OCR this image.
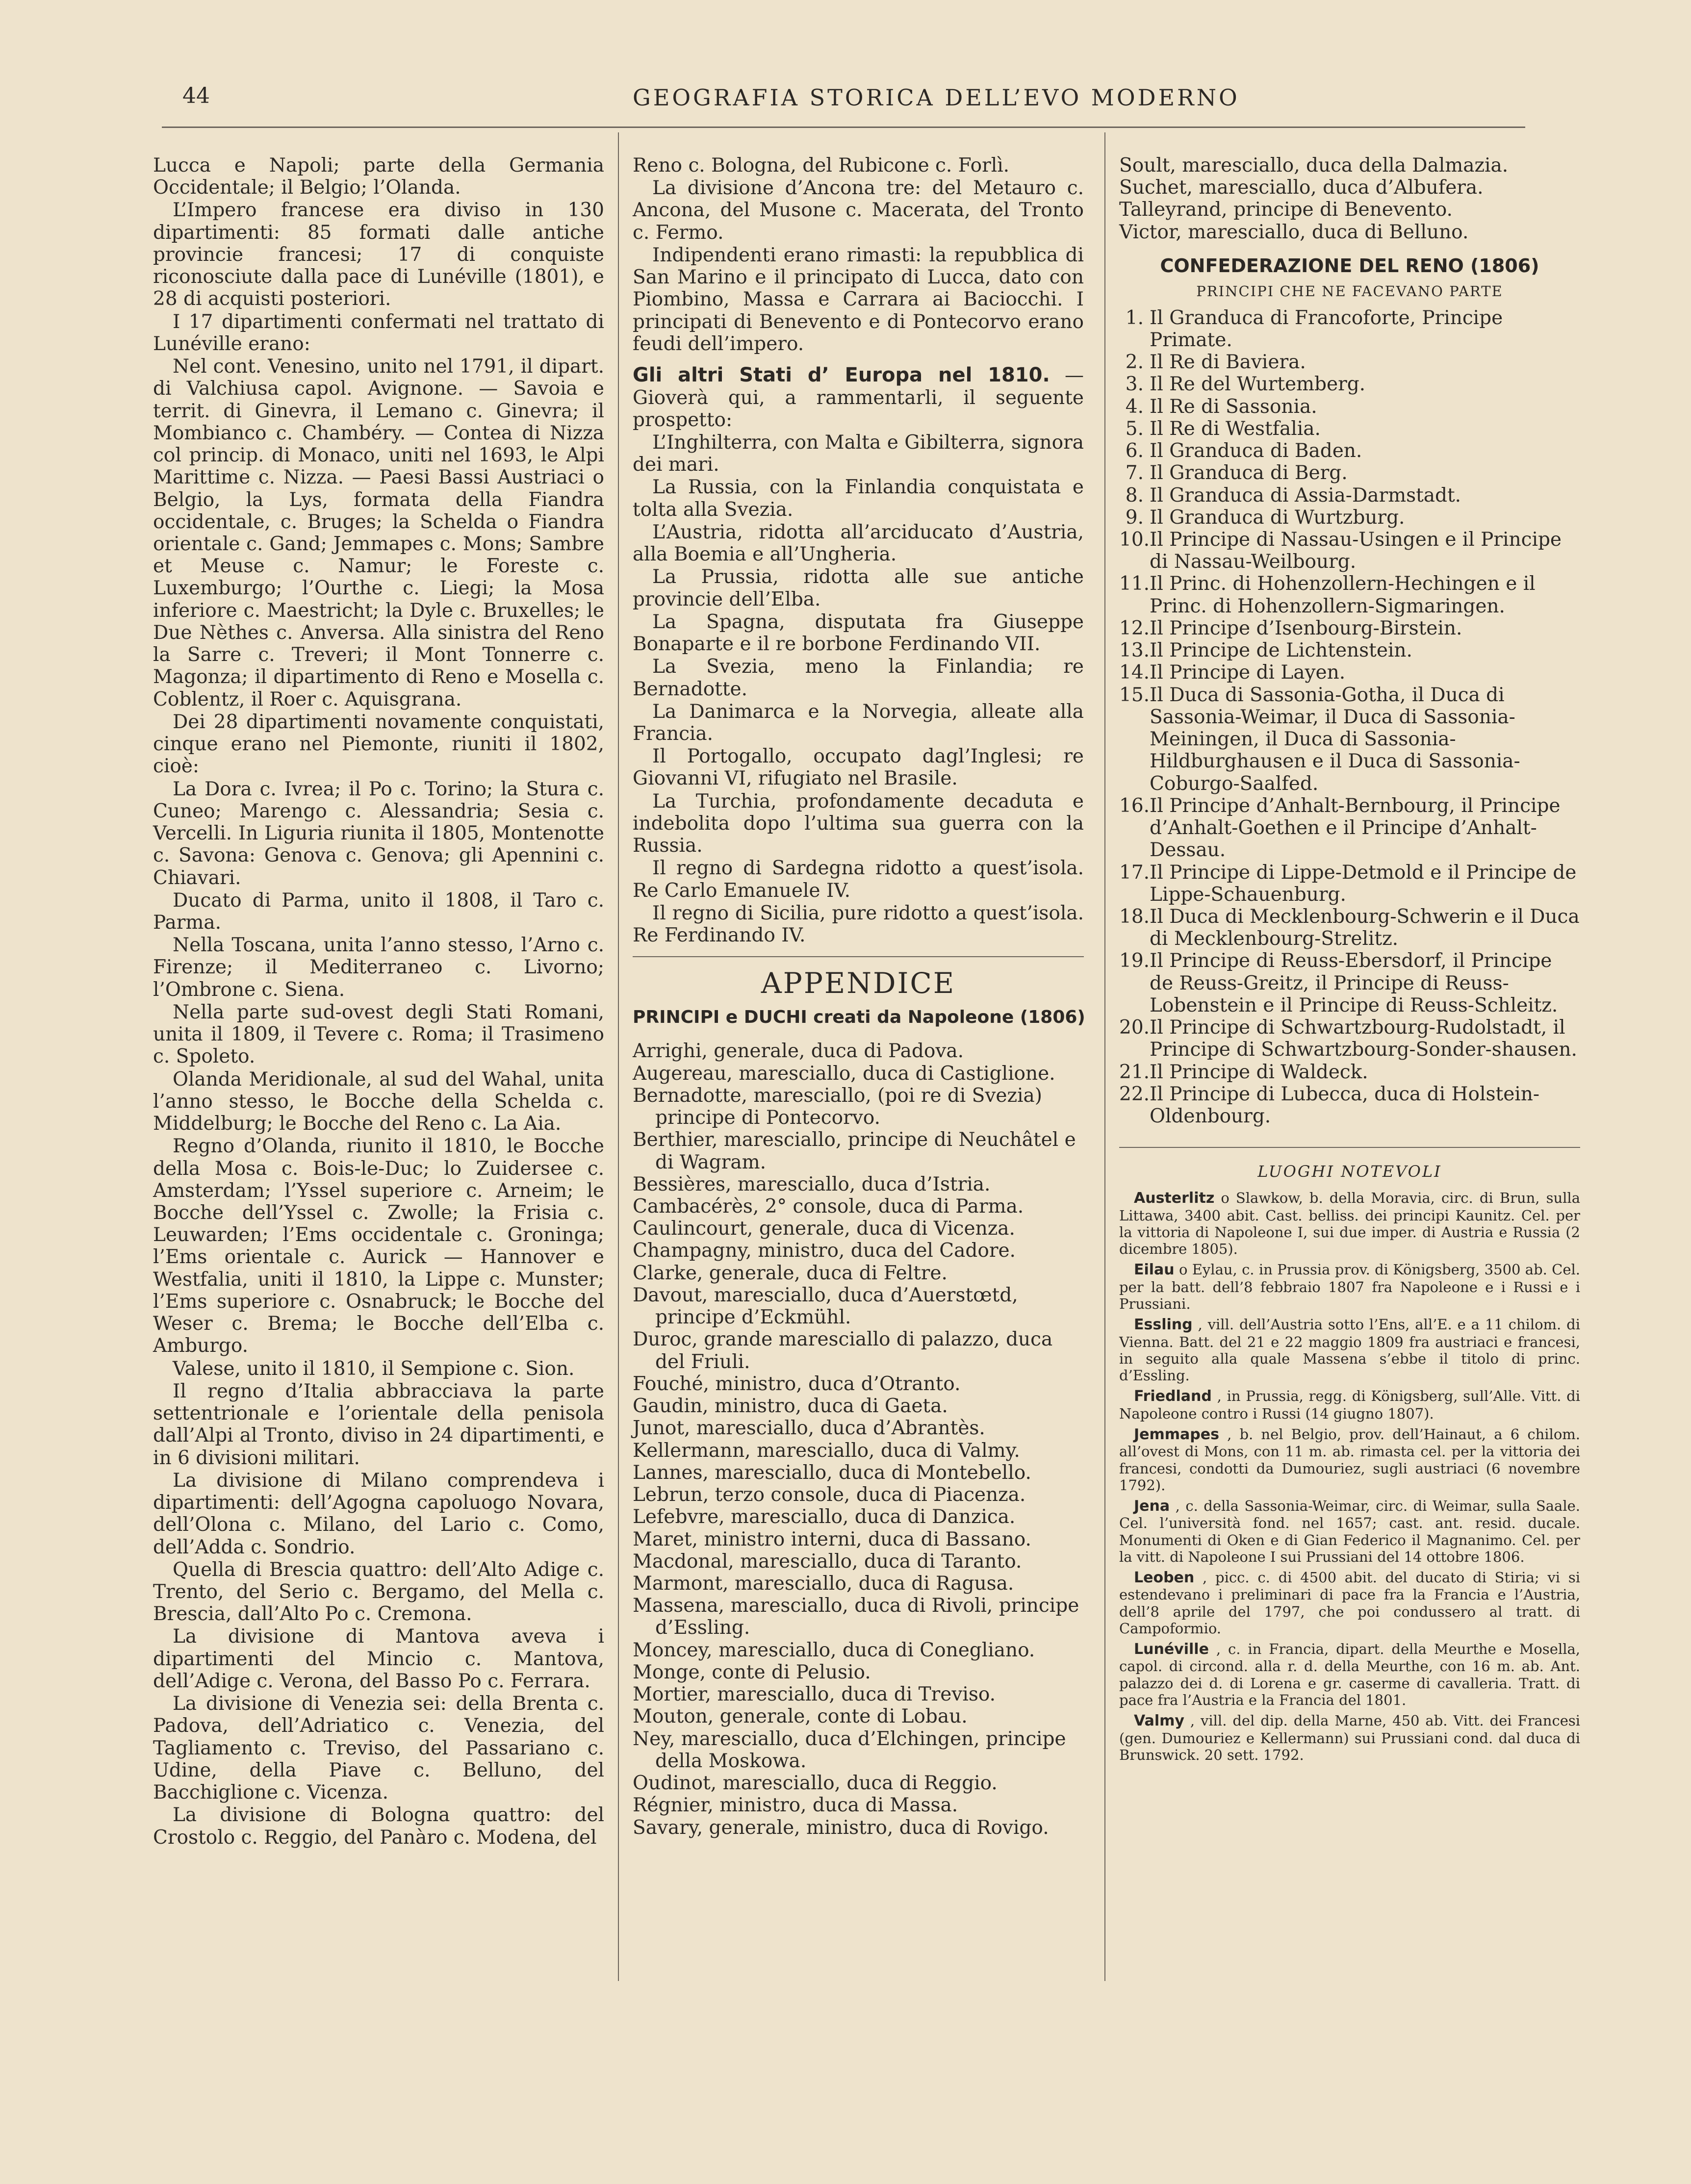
44	GEOGRAFIA STORICA DELL’EVO MODERNO

Lucca e Napoli; parte della Germania Occidentale; il Belgio; l’Olanda.

L’Impero francese era diviso in 130 dipartimenti: 85 formati dalle antiche provincie francesi; 17 di conquiste riconosciute dalla pace di Lunéville (1801), e 28 di acquisti posteriori.

I 17 dipartimenti confermati nel trattato di Lunéville erano:

Nel cont. Venesino, unito nel 1791, il dipart. di Valchiusa capol. Avignone. — Savoia e territ. di Ginevra, il Lemano c. Ginevra; il Mombianco c. Chambéry. — Contea di Nizza col princip. di Monaco, uniti nel 1693, le Alpi Marittime c. Nizza. — Paesi Bassi Austriaci o Belgio, la Lys, formata della Fiandra occidentale, c. Bruges; la Schelda o Fiandra orientale c. Gand; Jemmapes c. Mons; Sambre et Meuse c. Namur; le Foreste c. Luxemburgo; l’Ourthe c. Liegi; la Mosa inferiore c. Maestricht; la Dyle c. Bruxelles; le Due Nèthes c. Anversa. Alla sinistra del Reno la Sarre c. Treveri; il Mont Tonnerre c. Magonza; il dipartimento di Reno e Mosella c. Coblentz, il Roer c. Aquisgrana.

Dei 28 dipartimenti novamente conquistati, cinque erano nel Piemonte, riuniti il 1802, cioè:

La Dora c. Ivrea; il Po c. Torino; la Stura c. Cuneo; Marengo c. Alessandria; Sesia c. Vercelli. In Liguria riunita il 1805, Montenotte c. Savona: Genova c. Genova; gli Apennini c. Chiavari.

Ducato di Parma, unito il 1808, il Taro c. Parma.

Nella Toscana, unita l’anno stesso, l’Arno c. Firenze; il Mediterraneo c. Livorno; l’Ombrone c. Siena.

Nella parte sud-ovest degli Stati Romani, unita il 1809, il Tevere c. Roma; il Trasimeno c. Spoleto.

Olanda Meridionale, al sud del Wahal, unita l’anno stesso, le Bocche della Schelda c. Middelburg; le Bocche del Reno c. La Aia.

Regno d’Olanda, riunito il 1810, le Bocche della Mosa c. Bois-le-Duc; lo Zuidersee c. Amsterdam; l’Yssel superiore c. Arneim; le Bocche dell’Yssel c. Zwolle; la Frisia c. Leuwarden; l’Ems occidentale c. Groninga; l’Ems orientale c. Aurick — Hannover e Westfalia, uniti il 1810, la Lippe c. Munster; l’Ems superiore c. Osnabruck; le Bocche del Weser c. Brema; le Bocche dell’Elba c. Amburgo.

Valese, unito il 1810, il Sempione c. Sion.

Il regno d’Italia abbracciava la parte settentrionale e l’orientale della penisola dall’Alpi al Tronto, diviso in 24 dipartimenti, e in 6 divisioni militari.

La divisione di Milano comprendeva i dipartimenti: dell’Agogna capoluogo Novara, dell’Olona c. Milano, del Lario c. Como, dell’Adda c. Sondrio.

Quella di Brescia quattro: dell’Alto Adige c. Trento, del Serio c. Bergamo, del Mella c. Brescia, dall’Alto Po c. Cremona.

La divisione di Mantova aveva i dipartimenti del Mincio c. Mantova, dell’Adige c. Verona, del Basso Po c. Ferrara.

La divisione di Venezia sei: della Brenta c. Padova, dell’Adriatico c. Venezia, del Tagliamento c. Treviso, del Passariano c. Udine, della Piave c. Belluno, del Bacchiglione c. Vicenza.

La divisione di Bologna quattro: del Crostolo c. Reggio, del Panàro c. Modena, del

Reno c. Bologna, del Rubicone c. Forlì.

La divisione d’Ancona tre: del Metauro c. Ancona, del Musone c. Macerata, del Tronto c. Fermo.

Indipendenti erano rimasti: la repubblica di San Marino e il principato di Lucca, dato con Piombino, Massa e Carrara ai Baciocchi. I principati di Benevento e di Pontecorvo erano feudi dell’impero.

Gli altri Stati d’ Europa nel 1810. — Gioverà qui, a rammentarli, il seguente prospetto:

L’Inghilterra, con Malta e Gibilterra, signora dei mari.

La Russia, con la Finlandia conquistata e tolta alla Svezia.

L’Austria, ridotta all’arciducato d’Austria, alla Boemia e all’Ungheria.

La Prussia, ridotta alle sue antiche provincie dell’Elba.

La Spagna, disputata fra Giuseppe Bonaparte e il re borbone Ferdinando VII.

La Svezia, meno la Finlandia; re Bernadotte.

La Danimarca e la Norvegia, alleate alla Francia.

Il Portogallo, occupato dagl’Inglesi; re Giovanni VI, rifugiato nel Brasile.

La Turchia, profondamente decaduta e indebolita dopo l’ultima sua guerra con la Russia.

Il regno di Sardegna ridotto a quest’isola. Re Carlo Emanuele IV.

Il regno di Sicilia, pure ridotto a quest’isola. Re Ferdinando IV.

APPENDICE
PRINCIPI e DUCHI creati da Napoleone (1806)
Arrighi, generale, duca di Padova.
Augereau, maresciallo, duca di Castiglione.
Bernadotte, maresciallo, (poi re di Svezia) principe di Pontecorvo.
Berthier, maresciallo, principe di Neuchâtel e di Wagram.
Bessières, maresciallo, duca d’Istria.
Cambacérès, 2° console, duca di Parma.
Caulincourt, generale, duca di Vicenza.
Champagny, ministro, duca del Cadore.
Clarke, generale, duca di Feltre.
Davout, maresciallo, duca d’Auerstœtd, principe d’Eckmühl.
Duroc, grande maresciallo di palazzo, duca del Friuli.
Fouché, ministro, duca d’Otranto.
Gaudin, ministro, duca di Gaeta.
Junot, maresciallo, duca d’Abrantès.
Kellermann, maresciallo, duca di Valmy.
Lannes, maresciallo, duca di Montebello.
Lebrun, terzo console, duca di Piacenza.
Lefebvre, maresciallo, duca di Danzica.
Maret, ministro interni, duca di Bassano.
Macdonal, maresciallo, duca di Taranto.
Marmont, maresciallo, duca di Ragusa.
Massena, maresciallo, duca di Rivoli, principe d’Essling.
Moncey, maresciallo, duca di Conegliano.
Monge, conte di Pelusio.
Mortier, maresciallo, duca di Treviso.
Mouton, generale, conte di Lobau.
Ney, maresciallo, duca d’Elchingen, principe della Moskowa.
Oudinot, maresciallo, duca di Reggio.
Régnier, ministro, duca di Massa.
Savary, generale, ministro, duca di Rovigo.
Soult, maresciallo, duca della Dalmazia.
Suchet, maresciallo, duca d’Albufera.
Talleyrand, principe di Benevento.
Victor, maresciallo, duca di Belluno.
CONFEDERAZIONE DEL RENO (1806)
PRINCIPI CHE NE FACEVANO PARTE
1. Il Granduca di Francoforte, Principe Primate.
2. Il Re di Baviera.
3. Il Re del Wurtemberg.
4. Il Re di Sassonia.
5. Il Re di Westfalia.
6. Il Granduca di Baden.
7. Il Granduca di Berg.
8. Il Granduca di Assia-Darmstadt.
9. Il Granduca di Wurtzburg.
10. Il Principe di Nassau-Usingen e il Principe di Nassau-Weilbourg.
11. Il Princ. di Hohenzollern-Hechingen e il Princ. di Hohenzollern-Sigmaringen.
12. Il Principe d’Isenbourg-Birstein.
13. Il Principe de Lichtenstein.
14. Il Principe di Layen.
15. Il Duca di Sassonia-Gotha, il Duca di Sassonia-Weimar, il Duca di Sassonia-Meiningen, il Duca di Sassonia-Hildburghausen e il Duca di Sassonia-Coburgo-Saalfed.
16. Il Principe d’Anhalt-Bernbourg, il Principe d’Anhalt-Goethen e il Principe d’Anhalt-Dessau.
17. Il Principe di Lippe-Detmold e il Principe de Lippe-Schauenburg.
18. Il Duca di Mecklenbourg-Schwerin e il Duca di Mecklenbourg-Strelitz.
19. Il Principe di Reuss-Ebersdorf, il Principe de Reuss-Greitz, il Principe di Reuss-Lobenstein e il Principe di Reuss-Schleitz.
20. Il Principe di Schwartzbourg-Rudolstadt, il Principe di Schwartzbourg-Sonder-shausen.
21. Il Principe di Waldeck.
22. Il Principe di Lubecca, duca di Holstein-Oldenbourg.
LUOGHI NOTEVOLI

Austerlitz o Slawkow, b. della Moravia, circ. di Brun, sulla Littawa, 3400 abit. Cast. belliss. dei principi Kaunitz. Cel. per la vittoria di Napoleone I, sui due imper. di Austria e Russia (2 dicembre 1805).

Eilau o Eylau, c. in Prussia prov. di Königsberg, 3500 ab. Cel. per la batt. dell’8 febbraio 1807 fra Napoleone e i Russi e i Prussiani.

Essling , vill. dell’Austria sotto l’Ens, all’E. e a 11 chilom. di Vienna. Batt. del 21 e 22 maggio 1809 fra austriaci e francesi, in seguito alla quale Massena s’ebbe il titolo di princ. d’Essling.

Friedland , in Prussia, regg. di Königsberg, sull’Alle. Vitt. di Napoleone contro i Russi (14 giugno 1807).

Jemmapes , b. nel Belgio, prov. dell’Hainaut, a 6 chilom. all’ovest di Mons, con 11 m. ab. rimasta cel. per la vittoria dei francesi, condotti da Dumouriez, sugli austriaci (6 novembre 1792).

Jena , c. della Sassonia-Weimar, circ. di Weimar, sulla Saale. Cel. l’università fond. nel 1657; cast. ant. resid. ducale. Monumenti di Oken e di Gian Federico il Magnanimo. Cel. per la vitt. di Napoleone I sui Prussiani del 14 ottobre 1806.

Leoben , picc. c. di 4500 abit. del ducato di Stiria; vi si estendevano i preliminari di pace fra la Francia e l’Austria, dell’8 aprile del 1797, che poi condussero al tratt. di Campoformio.

Lunéville , c. in Francia, dipart. della Meurthe e Mosella, capol. di circond. alla r. d. della Meurthe, con 16 m. ab. Ant. palazzo dei d. di Lorena e gr. caserme di cavalleria. Tratt. di pace fra l’Austria e la Francia del 1801.

Valmy , vill. del dip. della Marne, 450 ab. Vitt. dei Francesi (gen. Dumouriez e Kellermann) sui Prussiani cond. dal duca di Brunswick. 20 sett. 1792.
